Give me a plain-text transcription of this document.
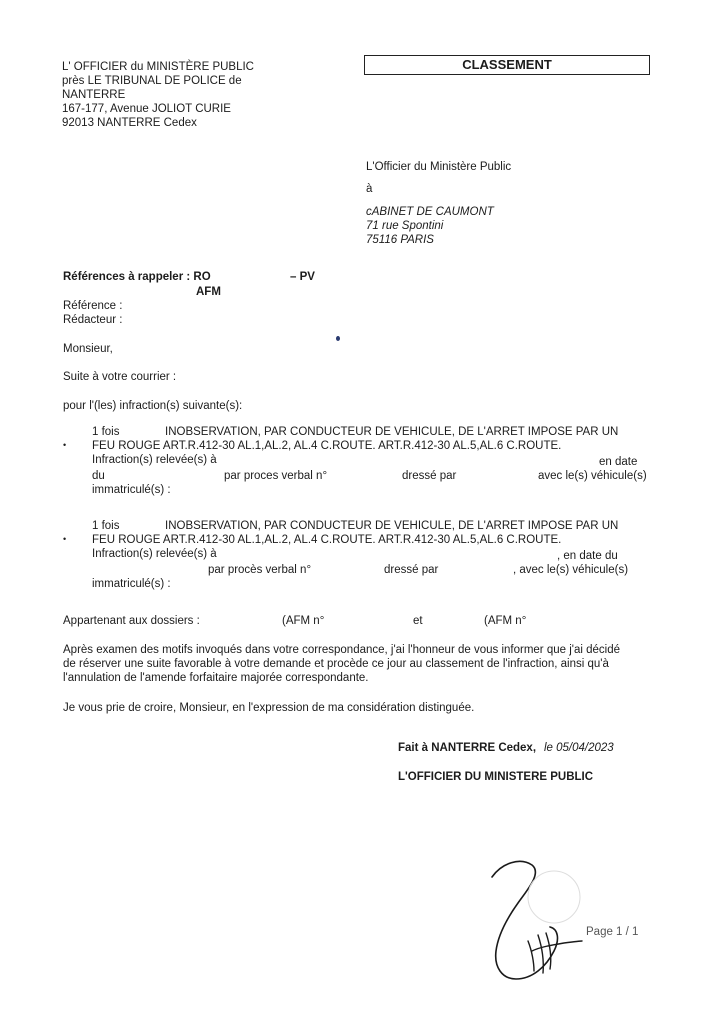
L' OFFICIER du MINISTÈRE PUBLIC
près LE TRIBUNAL DE POLICE de
NANTERRE
167-177, Avenue JOLIOT CURIE
92013 NANTERRE Cedex
CLASSEMENT
L'Officier du Ministère Public
à
cABINET DE CAUMONT
71 rue Spontini
75116 PARIS
Références à rappeler : RO	– PV
AFM
Référence :
Rédacteur :
Monsieur,
Suite à votre courrier :
pour l'(les) infraction(s) suivante(s):
1 fois	INOBSERVATION, PAR CONDUCTEUR DE VEHICULE, DE L'ARRET IMPOSE PAR UN
• FEU ROUGE ART.R.412-30 AL.1,AL.2, AL.4 C.ROUTE. ART.R.412-30 AL.5,AL.6 C.ROUTE.
Infraction(s) relevée(s) à	en date
du	par proces verbal n°	dressé par	avec le(s) véhicule(s)
immatriculé(s) :
1 fois	INOBSERVATION, PAR CONDUCTEUR DE VEHICULE, DE L'ARRET IMPOSE PAR UN
• FEU ROUGE ART.R.412-30 AL.1,AL.2, AL.4 C.ROUTE. ART.R.412-30 AL.5,AL.6 C.ROUTE.
Infraction(s) relevée(s) à	, en date du
par procès verbal n°	dressé par	, avec le(s) véhicule(s)
immatriculé(s) :
Appartenant aux dossiers :	(AFM n°	et	(AFM n°
Après examen des motifs invoqués dans votre correspondance, j'ai l'honneur de vous informer que j'ai décidé
de réserver une suite favorable à votre demande et procède ce jour au classement de l'infraction, ainsi qu'à
l'annulation de l'amende forfaitaire majorée correspondante.
Je vous prie de croire, Monsieur, en l'expression de ma considération distinguée.
Fait à NANTERRE Cedex, le 05/04/2023
L'OFFICIER DU MINISTERE PUBLIC
Page 1 / 1
